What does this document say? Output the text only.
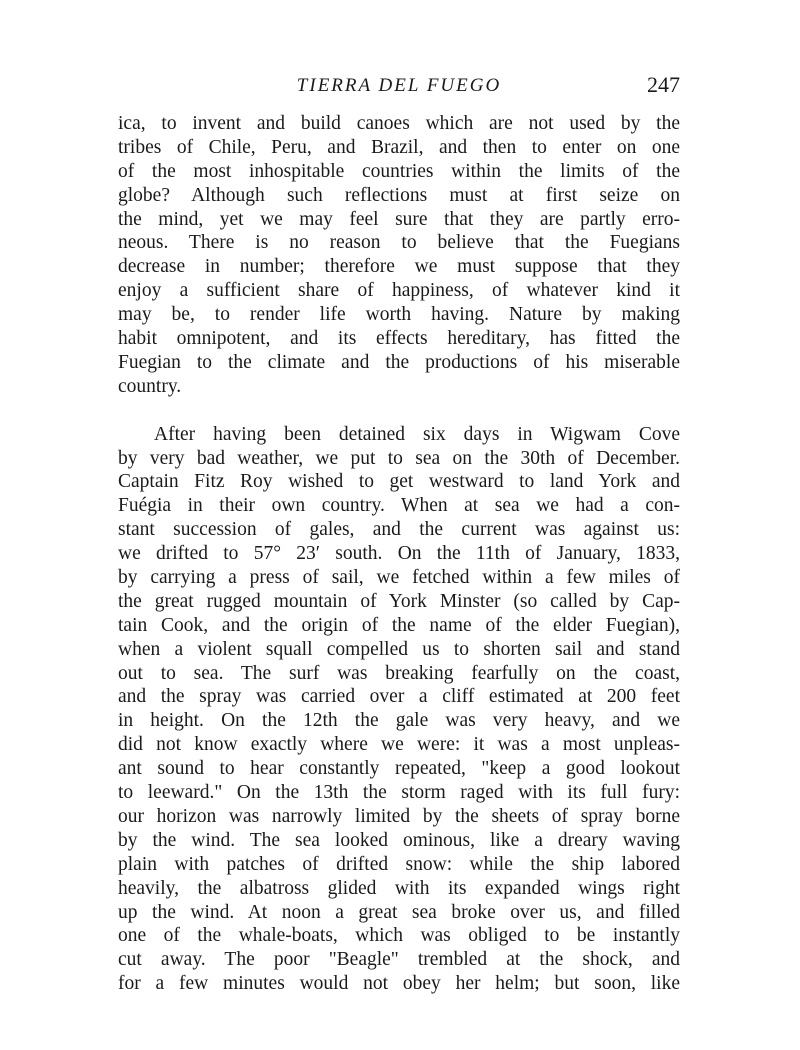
TIERRA DEL FUEGO	247
ica, to invent and build canoes which are not used by the
tribes of Chile, Peru, and Brazil, and then to enter on one
of the most inhospitable countries within the limits of the
globe? Although such reflections must at first seize on
the mind, yet we may feel sure that they are partly erro-
neous. There is no reason to believe that the Fuegians
decrease in number; therefore we must suppose that they
enjoy a sufficient share of happiness, of whatever kind it
may be, to render life worth having. Nature by making
habit omnipotent, and its effects hereditary, has fitted the
Fuegian to the climate and the productions of his miserable
country.
After having been detained six days in Wigwam Cove
by very bad weather, we put to sea on the 30th of December.
Captain Fitz Roy wished to get westward to land York and
Fuégia in their own country. When at sea we had a con-
stant succession of gales, and the current was against us:
we drifted to 57° 23′ south. On the 11th of January, 1833,
by carrying a press of sail, we fetched within a few miles of
the great rugged mountain of York Minster (so called by Cap-
tain Cook, and the origin of the name of the elder Fuegian),
when a violent squall compelled us to shorten sail and stand
out to sea. The surf was breaking fearfully on the coast,
and the spray was carried over a cliff estimated at 200 feet
in height. On the 12th the gale was very heavy, and we
did not know exactly where we were: it was a most unpleas-
ant sound to hear constantly repeated, "keep a good lookout
to leeward." On the 13th the storm raged with its full fury:
our horizon was narrowly limited by the sheets of spray borne
by the wind. The sea looked ominous, like a dreary waving
plain with patches of drifted snow: while the ship labored
heavily, the albatross glided with its expanded wings right
up the wind. At noon a great sea broke over us, and filled
one of the whale-boats, which was obliged to be instantly
cut away. The poor "Beagle" trembled at the shock, and
for a few minutes would not obey her helm; but soon, like
